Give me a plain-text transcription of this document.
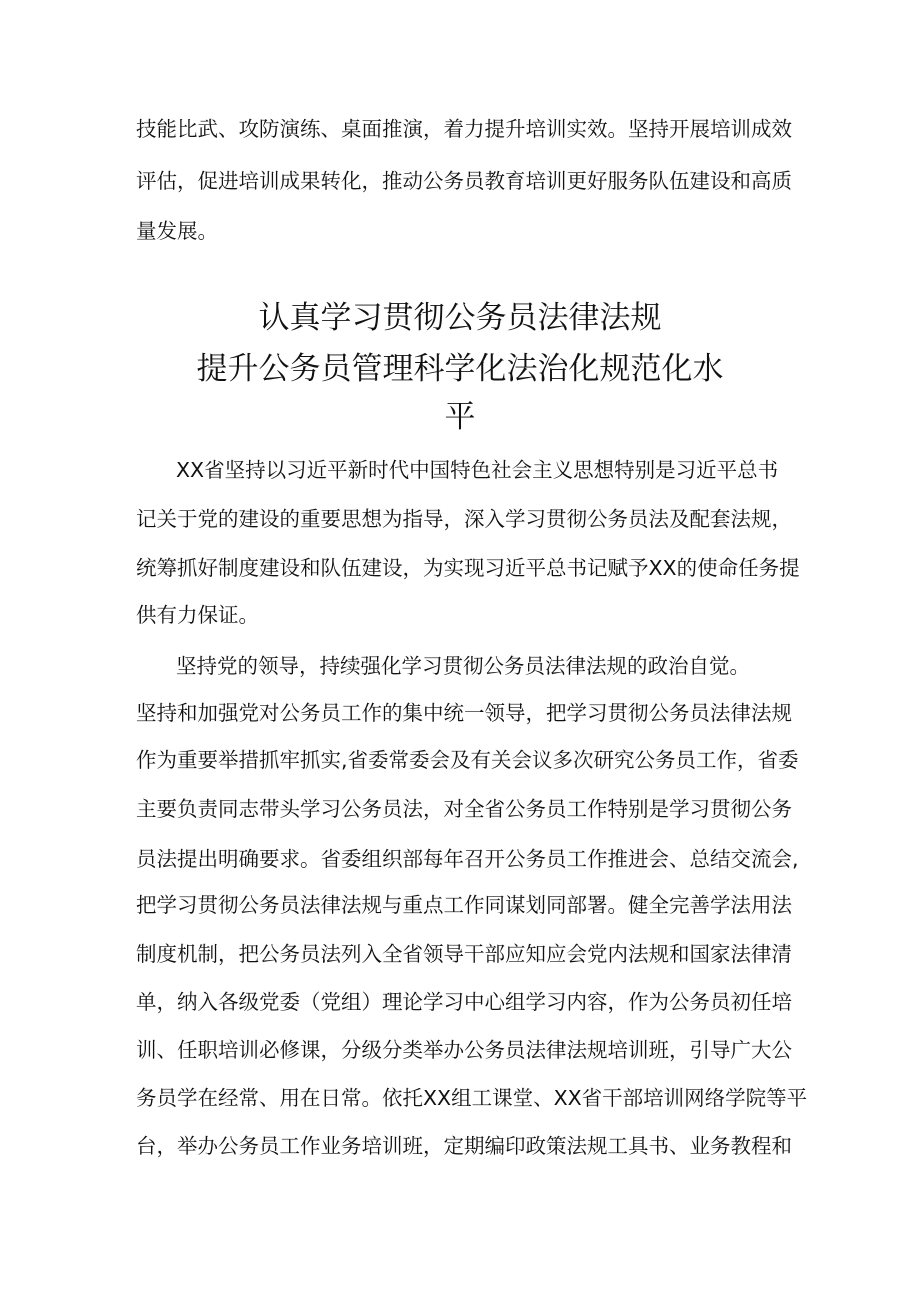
技能比武、攻防演练、桌面推演，着力提升培训实效。坚持开展培训成效
评估，促进培训成果转化，推动公务员教育培训更好服务队伍建设和高质
量发展。
认真学习贯彻公务员法律法规
提升公务员管理科学化法治化规范化水
平
XX省坚持以习近平新时代中国特色社会主义思想特别是习近平总书
记关于党的建设的重要思想为指导，深入学习贯彻公务员法及配套法规，
统筹抓好制度建设和队伍建设，为实现习近平总书记赋予XX的使命任务提
供有力保证。
坚持党的领导，持续强化学习贯彻公务员法律法规的政治自觉。
坚持和加强党对公务员工作的集中统一领导，把学习贯彻公务员法律法规
作为重要举措抓牢抓实,省委常委会及有关会议多次研究公务员工作，省委
主要负责同志带头学习公务员法，对全省公务员工作特别是学习贯彻公务
员法提出明确要求。省委组织部每年召开公务员工作推进会、总结交流会,
把学习贯彻公务员法律法规与重点工作同谋划同部署。健全完善学法用法
制度机制，把公务员法列入全省领导干部应知应会党内法规和国家法律清
单，纳入各级党委（党组）理论学习中心组学习内容，作为公务员初任培
训、任职培训必修课，分级分类举办公务员法律法规培训班，引导广大公
务员学在经常、用在日常。依托XX组工课堂、XX省干部培训网络学院等平
台，举办公务员工作业务培训班，定期编印政策法规工具书、业务教程和
